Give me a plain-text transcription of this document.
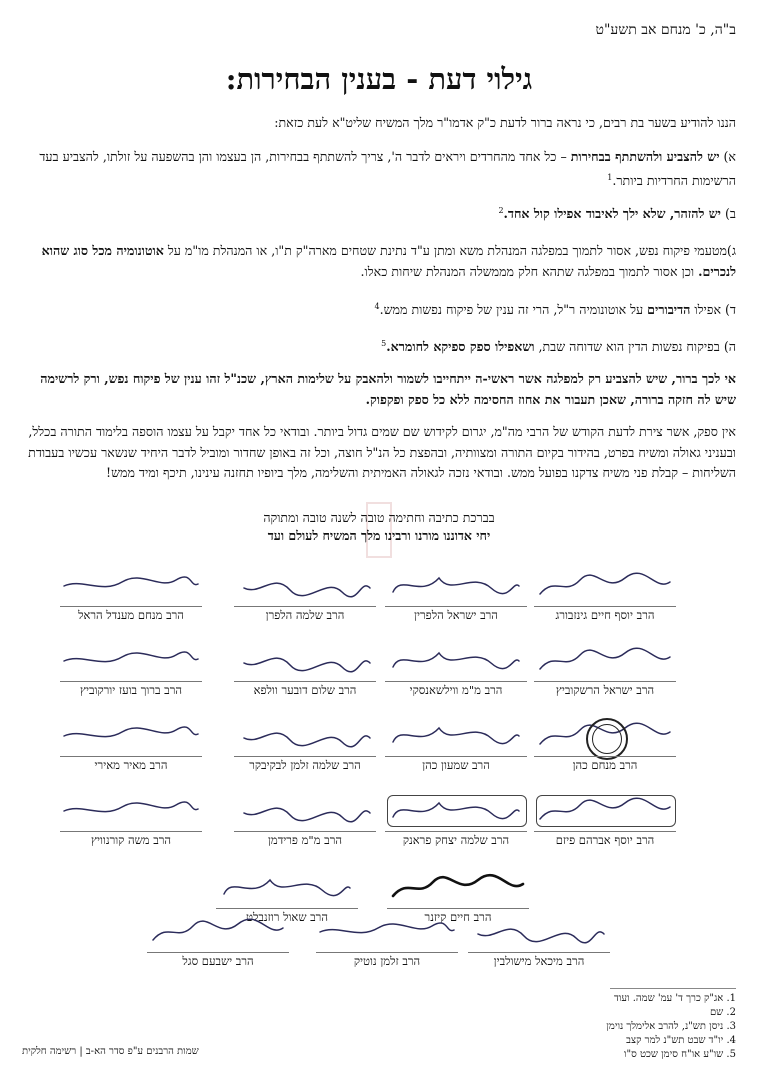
ב"ה, כ' מנחם אב תשע"ט
גילוי דעת - בענין הבחירות:
הננו להודיע בשער בת רבים, כי נראה ברור לדעת כ"ק אדמו"ר מלך המשיח שליט"א לעת כזאת:
א) יש להצביע ולהשתתף בבחירות – כל אחד מהחרדים ויראים לדבר ה', צריך להשתתף בבחירות, הן בעצמו והן בהשפעה על זולתו, להצביע בעד הרשימות החרדיות ביותר.$^1$
ב) יש להזהר, שלא ילך לאיבוד אפילו קול אחד.$^2$
ג)מטעמי פיקוח נפש, אסור לתמוך במפלגה המנהלת משא ומתן ע"ד נתינת שטחים מארה"ק ת"ו, או המנהלת מו"מ על אוטונומיה מכל סוג שהוא לנכרים. וכן אסור לתמוך במפלגה שתהא חלק מממשלה המנהלת שיחות כאלו.
ד) אפילו הדיבורים על אוטונומיה ר"ל, הרי זה ענין של פיקוח נפשות ממש.$^4$
ה) בפיקוח נפשות הדין הוא שדוחה שבת, ושאפילו ספק ספיקא לחומרא.$^5$
אי לכך ברור, שיש להצביע רק למפלגה אשר ראשי-ה ייתחייבו לשמור ולהאבק על שלימות הארץ, שכנ"ל זהו ענין של פיקוח נפש, ורק לרשימה שיש לה חזקה ברורה, שאכן תעבור את אחוז החסימה ללא כל ספק ופקפוק.
אין ספק, אשר צירת לדעת הקודש של הרבי מה"מ, יגרום לקידוש שם שמים גדול ביותר. ובודאי כל אחד יקבל על עצמו הוספה בלימוד התורה בכלל, ובעניני גאולה ומשיח בפרט, בהידור בקיום התורה ומצוותיה, ובהפצת כל הנ"ל חוצה, וכל זה באופן שחדור ומוביל לדבר היחיד שנשאר עכשיו בעבודת השליחות – קבלת פני משיח צדקנו בפועל ממש. ובודאי נזכה לגאולה האמיתית והשלימה, מלך ביופיו תחזנה עינינו, תיכף ומיד ממש!
בברכת כתיבה וחתימה טובה לשנה טובה ומתוקה
יחי אדוננו מורנו ורבינו מלך המשיח לעולם ועד
הרב יוסף חיים גינזבורג
הרב ישראל הלפרין
הרב שלמה הלפרן
הרב מנחם מענדל הראל
הרב ישראל הרשקוביץ
הרב מ"מ ווילשאנסקי
הרב שלום דובער וולפא
הרב ברוך בועז יורקוביץ
הרב מנחם כהן
הרב שמעון כהן
הרב שלמה זלמן לבקיבקר
הרב מאיר מאירי
הרב יוסף אברהם פיזם
הרב שלמה יצחק פראנק
הרב מ"מ פרידמן
הרב משה קורנוויץ
הרב חיים קיזנר
הרב שאול רוזנבלט
הרב מיכאל מישולבין
הרב זלמן נוטיק
הרב ישבעם סגל
1. אג"ק כרך ד' עמ' שמה. ועוד
2. שם
3. ניסן תש"נ, להרב אלימלך נוימן
4. יו"ד שבט תש"נ למר קצב
5. שו"ע או"ח סימן שכט ס"ו
שמות הרבנים ע"פ סדר הא-ב | רשימה חלקית
